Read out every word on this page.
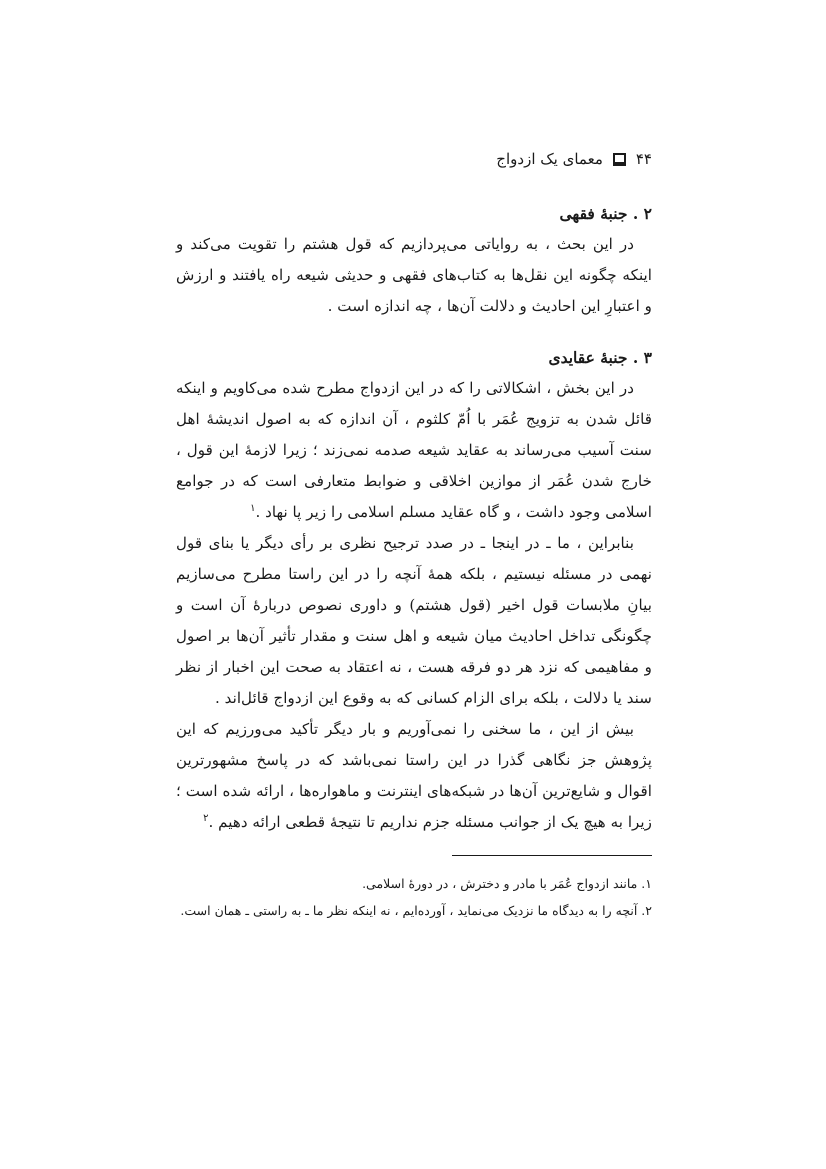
۴۴
معمای یک ازدواج
۲ . جنبهٔ فقهی

در این بحث ، به روایاتی می‌پردازیم که قول هشتم را تقویت می‌کند و اینکه چگونه این نقل‌ها به کتاب‌های فقهی و حدیثی شیعه راه یافتند و ارزش و اعتبارِ این احادیث و دلالت آن‌ها ، چه اندازه است .

۳ . جنبهٔ عقایدی

در این بخش ، اشکالاتی را که در این ازدواج مطرح شده می‌کاویم و اینکه قائل شدن به تزویج عُمَر با اُمّ کلثوم ، آن اندازه که به اصول اندیشهٔ اهل سنت آسیب می‌رساند به عقاید شیعه صدمه نمی‌زند ؛ زیرا لازمهٔ این قول ، خارج شدن عُمَر از موازین اخلاقی و ضوابط متعارفی است که در جوامع اسلامی وجود داشت ، و گاه عقاید مسلم اسلامی را زیر پا نهاد .$^۱$

بنابراین ، ما ـ در اینجا ـ در صدد ترجیح نظری بر رأی دیگر یا بنای قول نهمی در مسئله نیستیم ، بلکه همهٔ آنچه را در این راستا مطرح می‌سازیم بیانِ ملابسات قول اخیر (قول هشتم) و داوری نصوص دربارهٔ آن است و چگونگی تداخل احادیث میان شیعه و اهل سنت و مقدار تأثیر آن‌ها بر اصول و مفاهیمی که نزد هر دو فرقه هست ، نه اعتقاد به صحت این اخبار از نظر سند یا دلالت ، بلکه برای الزام کسانی که به وقوع این ازدواج قائل‌اند .

بیش از این ، ما سخنی را نمی‌آوریم و بار دیگر تأکید می‌ورزیم که این پژوهش جز نگاهی گذرا در این راستا نمی‌باشد که در پاسخ مشهورترین اقوال و شایع‌ترین آن‌ها در شبکه‌های اینترنت و ماهواره‌ها ، ارائه شده است ؛ زیرا به هیچ یک از جوانب مسئله جزم نداریم تا نتیجهٔ قطعی ارائه دهیم .$^۲$

۱. مانند ازدواج عُمَر با مادر و دخترش ، در دورهٔ اسلامی.

۲. آنچه را به دیدگاه ما نزدیک می‌نماید ، آورده‌ایم ، نه اینکه نظر ما ـ به راستی ـ همان است.
